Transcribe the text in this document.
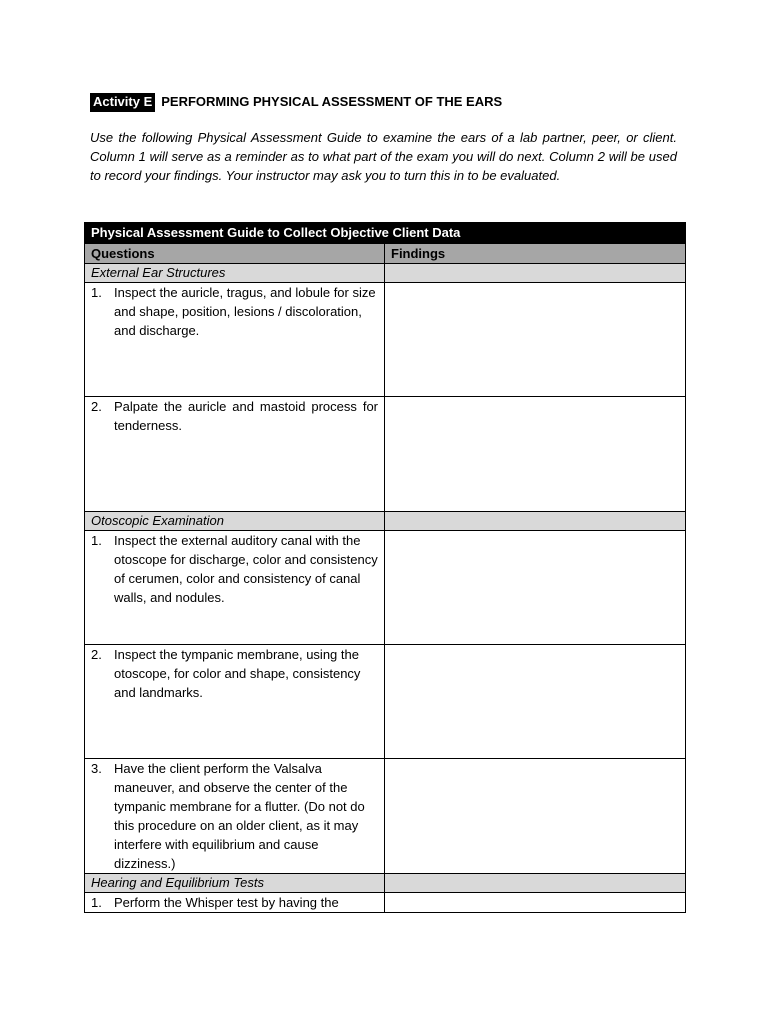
Activity E PERFORMING PHYSICAL ASSESSMENT OF THE EARS

Use the following Physical Assessment Guide to examine the ears of a lab partner, peer, or client. Column 1 will serve as a reminder as to what part of the exam you will do next. Column 2 will be used to record your findings. Your instructor may ask you to turn this in to be evaluated.

Physical Assessment Guide to Collect Objective Client Data	
Questions	Findings
External Ear Structures	

1. Inspect the auricle, tragus, and lobule for size and shape, position, lesions / discoloration, and discharge.	

2. Palpate the auricle and mastoid process for tenderness.	

Otoscopic Examination	

1. Inspect the external auditory canal with the otoscope for discharge, color and consistency of cerumen, color and consistency of canal walls, and nodules.	

2. Inspect the tympanic membrane, using the otoscope, for color and shape, consistency and landmarks.	

3. Have the client perform the Valsalva maneuver, and observe the center of the tympanic membrane for a flutter. (Do not do this procedure on an older client, as it may interfere with equilibrium and cause dizziness.)	

Hearing and Equilibrium Tests	

1. Perform the Whisper test by having the	
